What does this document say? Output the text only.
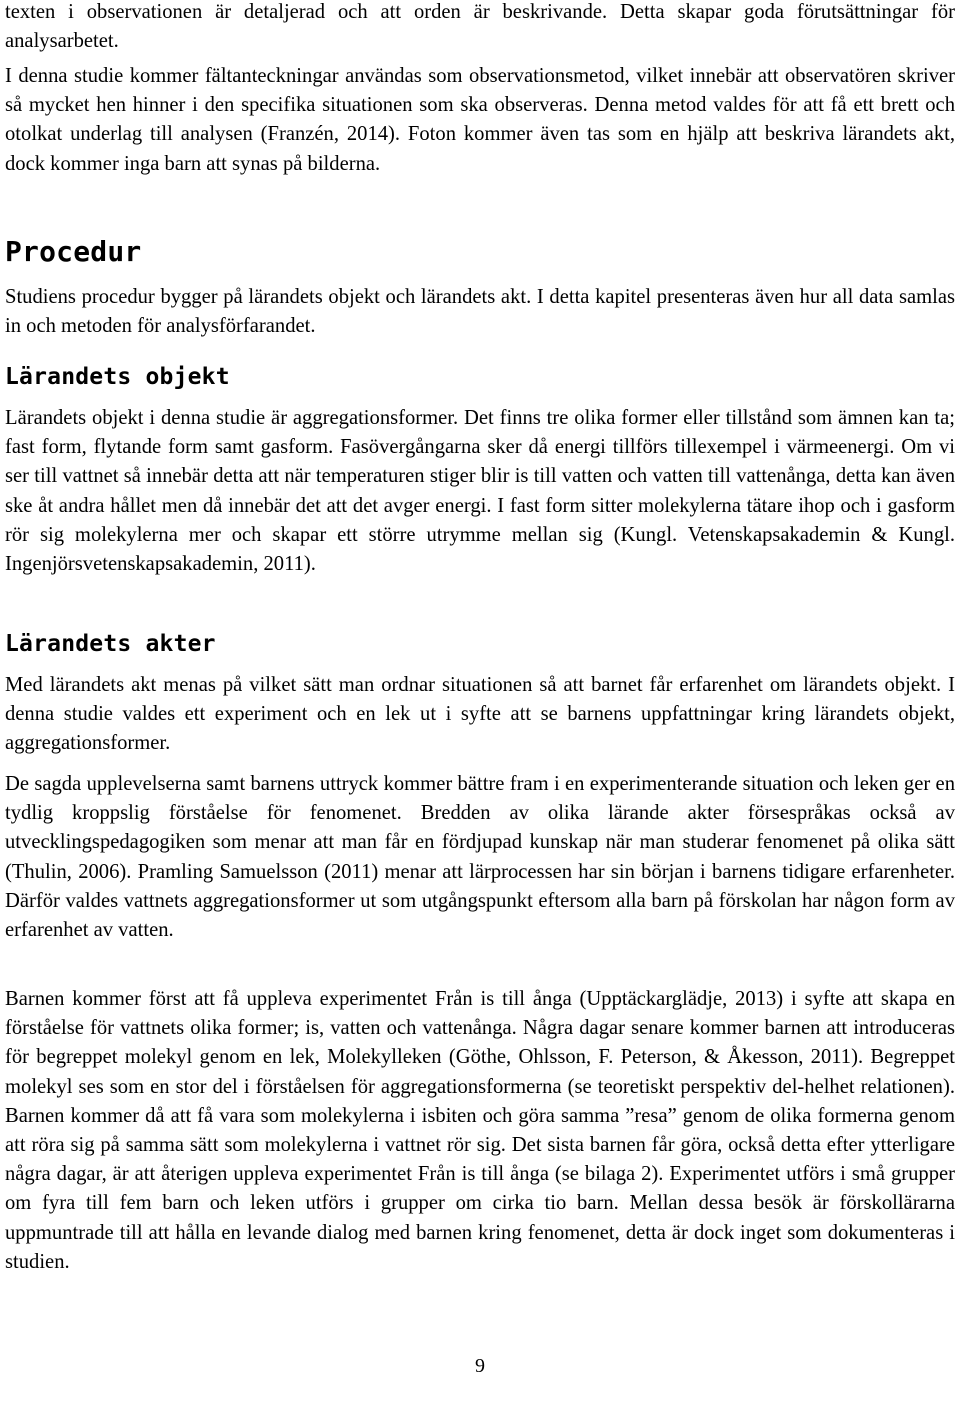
texten i observationen är detaljerad och att orden är beskrivande. Detta skapar goda förutsättningar för analysarbetet.

I denna studie kommer fältanteckningar användas som observationsmetod, vilket innebär att observatören skriver så mycket hen hinner i den specifika situationen som ska observeras. Denna metod valdes för att få ett brett och otolkat underlag till analysen (Franzén, 2014). Foton kommer även tas som en hjälp att beskriva lärandets akt, dock kommer inga barn att synas på bilderna.

Procedur

Studiens procedur bygger på lärandets objekt och lärandets akt. I detta kapitel presenteras även hur all data samlas in och metoden för analysförfarandet.

Lärandets objekt

Lärandets objekt i denna studie är aggregationsformer. Det finns tre olika former eller tillstånd som ämnen kan ta; fast form, flytande form samt gasform. Fasövergångarna sker då energi tillförs tillexempel i värmeenergi. Om vi ser till vattnet så innebär detta att när temperaturen stiger blir is till vatten och vatten till vattenånga, detta kan även ske åt andra hållet men då innebär det att det avger energi. I fast form sitter molekylerna tätare ihop och i gasform rör sig molekylerna mer och skapar ett större utrymme mellan sig (Kungl. Vetenskapsakademin & Kungl. Ingenjörsvetenskapsakademin, 2011).

Lärandets akter

Med lärandets akt menas på vilket sätt man ordnar situationen så att barnet får erfarenhet om lärandets objekt. I denna studie valdes ett experiment och en lek ut i syfte att se barnens uppfattningar kring lärandets objekt, aggregationsformer.

De sagda upplevelserna samt barnens uttryck kommer bättre fram i en experimenterande situation och leken ger en tydlig kroppslig förståelse för fenomenet. Bredden av olika lärande akter försespråkas också av utvecklingspedagogiken som menar att man får en fördjupad kunskap när man studerar fenomenet på olika sätt (Thulin, 2006). Pramling Samuelsson (2011) menar att lärprocessen har sin början i barnens tidigare erfarenheter. Därför valdes vattnets aggregationsformer ut som utgångspunkt eftersom alla barn på förskolan har någon form av erfarenhet av vatten.

Barnen kommer först att få uppleva experimentet Från is till ånga (Upptäckarglädje, 2013) i syfte att skapa en förståelse för vattnets olika former; is, vatten och vattenånga. Några dagar senare kommer barnen att introduceras för begreppet molekyl genom en lek, Molekylleken (Göthe, Ohlsson, F. Peterson, & Åkesson, 2011). Begreppet molekyl ses som en stor del i förståelsen för aggregationsformerna (se teoretiskt perspektiv del-helhet relationen). Barnen kommer då att få vara som molekylerna i isbiten och göra samma ”resa” genom de olika formerna genom att röra sig på samma sätt som molekylerna i vattnet rör sig. Det sista barnen får göra, också detta efter ytterligare några dagar, är att återigen uppleva experimentet Från is till ånga (se bilaga 2). Experimentet utförs i små grupper om fyra till fem barn och leken utförs i grupper om cirka tio barn. Mellan dessa besök är förskollärarna uppmuntrade till att hålla en levande dialog med barnen kring fenomenet, detta är dock inget som dokumenteras i studien.

9
